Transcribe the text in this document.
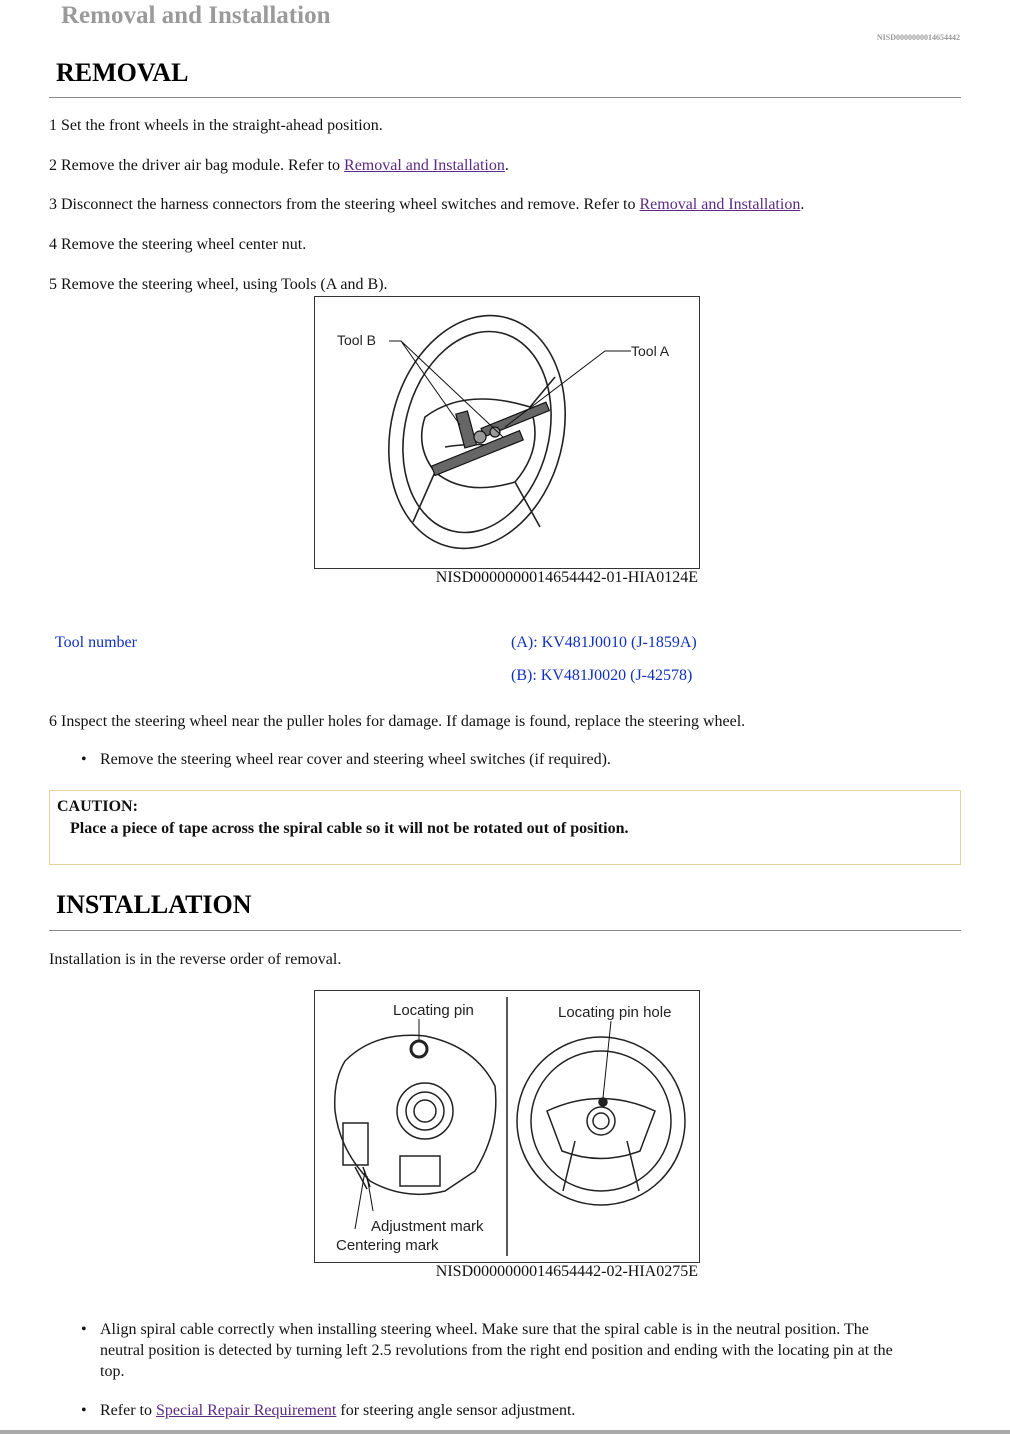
Removal and Installation
NISD0000000014654442
REMOVAL
1 Set the front wheels in the straight-ahead position.
2 Remove the driver air bag module. Refer to Removal and Installation.
3 Disconnect the harness connectors from the steering wheel switches and remove. Refer to Removal and Installation.
4 Remove the steering wheel center nut.
5 Remove the steering wheel, using Tools (A and B).
Tool B
Tool A
NISD0000000014654442-01-HIA0124E
Tool number	(A): KV481J0010 (J-1859A)
(B): KV481J0020 (J-42578)
6 Inspect the steering wheel near the puller holes for damage. If damage is found, replace the steering wheel.
• Remove the steering wheel rear cover and steering wheel switches (if required).
CAUTION:
Place a piece of tape across the spiral cable so it will not be rotated out of position.
INSTALLATION
Installation is in the reverse order of removal.
Locating pin	Locating pin hole
Adjustment mark
Centering mark
NISD0000000014654442-02-HIA0275E
• Align spiral cable correctly when installing steering wheel. Make sure that the spiral cable is in the neutral position. The
neutral position is detected by turning left 2.5 revolutions from the right end position and ending with the locating pin at the
top.
• Refer to Special Repair Requirement for steering angle sensor adjustment.
